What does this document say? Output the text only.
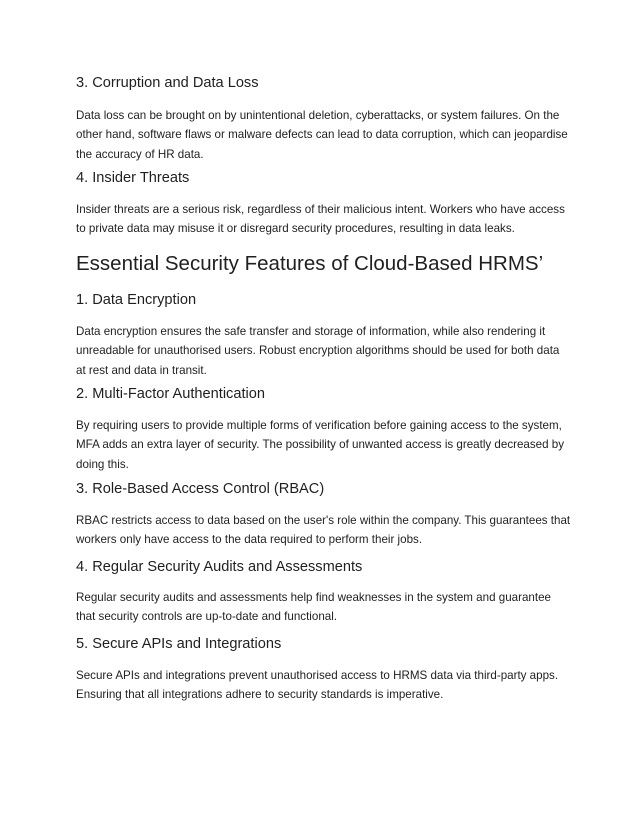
3. Corruption and Data Loss

Data loss can be brought on by unintentional deletion, cyberattacks, or system failures. On the other hand, software flaws or malware defects can lead to data corruption, which can jeopardise the accuracy of HR data.

4. Insider Threats

Insider threats are a serious risk, regardless of their malicious intent. Workers who have access to private data may misuse it or disregard security procedures, resulting in data leaks.

Essential Security Features of Cloud-Based HRMS’
1. Data Encryption

Data encryption ensures the safe transfer and storage of information, while also rendering it unreadable for unauthorised users. Robust encryption algorithms should be used for both data at rest and data in transit.

2. Multi-Factor Authentication

By requiring users to provide multiple forms of verification before gaining access to the system, MFA adds an extra layer of security. The possibility of unwanted access is greatly decreased by doing this.

3. Role-Based Access Control (RBAC)

RBAC restricts access to data based on the user's role within the company. This guarantees that workers only have access to the data required to perform their jobs.

4. Regular Security Audits and Assessments

Regular security audits and assessments help find weaknesses in the system and guarantee that security controls are up-to-date and functional.

5. Secure APIs and Integrations

Secure APIs and integrations prevent unauthorised access to HRMS data via third-party apps. Ensuring that all integrations adhere to security standards is imperative.
